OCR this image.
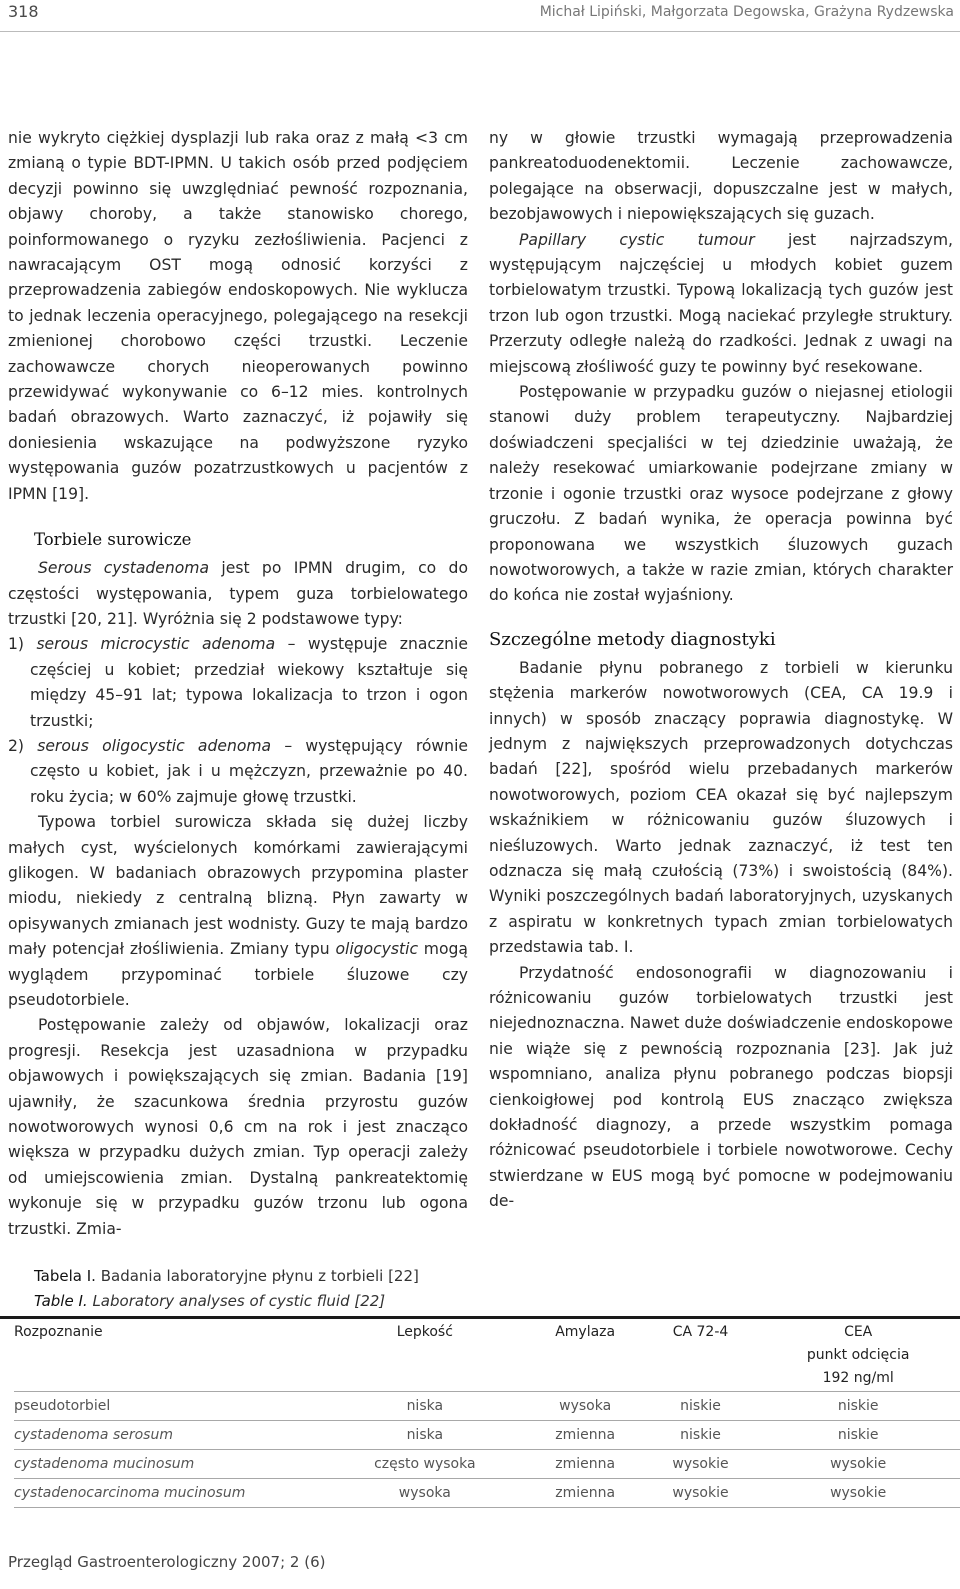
318	Michał Lipiński, Małgorzata Degowska, Grażyna Rydzewska

nie wykryto ciężkiej dysplazji lub raka oraz z małą <3 cm zmianą o typie BDT-IPMN. U takich osób przed podjęciem decyzji powinno się uwzględniać pewność rozpoznania, objawy choroby, a także stanowisko chorego, poinformowanego o ryzyku zezłośliwienia. Pacjenci z nawracającym OST mogą odnosić korzyści z przeprowadzenia zabiegów endoskopowych. Nie wyklucza to jednak leczenia operacyjnego, polegającego na resekcji zmienionej chorobowo części trzustki. Leczenie zachowawcze chorych nieoperowanych powinno przewidywać wykonywanie co 6–12 mies. kontrolnych badań obrazowych. Warto zaznaczyć, iż pojawiły się doniesienia wskazujące na podwyższone ryzyko występowania guzów pozatrzustkowych u pacjentów z IPMN [19].

Torbiele surowicze

Serous cystadenoma jest po IPMN drugim, co do częstości występowania, typem guza torbielowatego trzustki [20, 21]. Wyróżnia się 2 podstawowe typy:

1) serous microcystic adenoma – występuje znacznie częściej u kobiet; przedział wiekowy kształtuje się między 45–91 lat; typowa lokalizacja to trzon i ogon trzustki;

2) serous oligocystic adenoma – występujący równie często u kobiet, jak i u mężczyzn, przeważnie po 40. roku życia; w 60% zajmuje głowę trzustki.

Typowa torbiel surowicza składa się dużej liczby małych cyst, wyścielonych komórkami zawierającymi glikogen. W badaniach obrazowych przypomina plaster miodu, niekiedy z centralną blizną. Płyn zawarty w opisywanych zmianach jest wodnisty. Guzy te mają bardzo mały potencjał złośliwienia. Zmiany typu oligocystic mogą wyglądem przypominać torbiele śluzowe czy pseudotorbiele.

Postępowanie zależy od objawów, lokalizacji oraz progresji. Resekcja jest uzasadniona w przypadku objawowych i powiększających się zmian. Badania [19] ujawniły, że szacunkowa średnia przyrostu guzów nowotworowych wynosi 0,6 cm na rok i jest znacząco większa w przypadku dużych zmian. Typ operacji zależy od umiejscowienia zmian. Dystalną pankreatektomię wykonuje się w przypadku guzów trzonu lub ogona trzustki. Zmia-

ny w głowie trzustki wymagają przeprowadzenia pankreatoduodenektomii. Leczenie zachowawcze, polegające na obserwacji, dopuszczalne jest w małych, bezobjawowych i niepowiększających się guzach.

Papillary cystic tumour jest najrzadszym, występującym najczęściej u młodych kobiet guzem torbielowatym trzustki. Typową lokalizacją tych guzów jest trzon lub ogon trzustki. Mogą naciekać przyległe struktury. Przerzuty odległe należą do rzadkości. Jednak z uwagi na miejscową złośliwość guzy te powinny być resekowane.

Postępowanie w przypadku guzów o niejasnej etiologii stanowi duży problem terapeutyczny. Najbardziej doświadczeni specjaliści w tej dziedzinie uważają, że należy resekować umiarkowanie podejrzane zmiany w trzonie i ogonie trzustki oraz wysoce podejrzane z głowy gruczołu. Z badań wynika, że operacja powinna być proponowana we wszystkich śluzowych guzach nowotworowych, a także w razie zmian, których charakter do końca nie został wyjaśniony.

Szczególne metody diagnostyki

Badanie płynu pobranego z torbieli w kierunku stężenia markerów nowotworowych (CEA, CA 19.9 i innych) w sposób znaczący poprawia diagnostykę. W jednym z największych przeprowadzonych dotychczas badań [22], spośród wielu przebadanych markerów nowotworowych, poziom CEA okazał się być najlepszym wskaźnikiem w różnicowaniu guzów śluzowych i nieśluzowych. Warto jednak zaznaczyć, iż test ten odznacza się małą czułością (73%) i swoistością (84%). Wyniki poszczególnych badań laboratoryjnych, uzyskanych z aspiratu w konkretnych typach zmian torbielowatych przedstawia tab. I.

Przydatność endosonografii w diagnozowaniu i różnicowaniu guzów torbielowatych trzustki jest niejednoznaczna. Nawet duże doświadczenie endoskopowe nie wiąże się z pewnością rozpoznania [23]. Jak już wspomniano, analiza płynu pobranego podczas biopsji cienkoigłowej pod kontrolą EUS znacząco zwiększa dokładność diagnozy, a przede wszystkim pomaga różnicować pseudotorbiele i torbiele nowotworowe. Cechy stwierdzane w EUS mogą być pomocne w podejmowaniu de-

Tabela I. Badania laboratoryjne płynu z torbieli [22]
Table I. Laboratory analyses of cystic fluid [22]
Rozpoznanie	Lepkość	Amylaza	CA 72-4	CEA
punkt odcięcia
192 ng/ml
pseudotorbiel	niska	wysoka	niskie	niskie
cystadenoma serosum	niska	zmienna	niskie	niskie
cystadenoma mucinosum	często wysoka	zmienna	wysokie	wysokie
cystadenocarcinoma mucinosum	wysoka	zmienna	wysokie	wysokie
Przegląd Gastroenterologiczny 2007; 2 (6)
